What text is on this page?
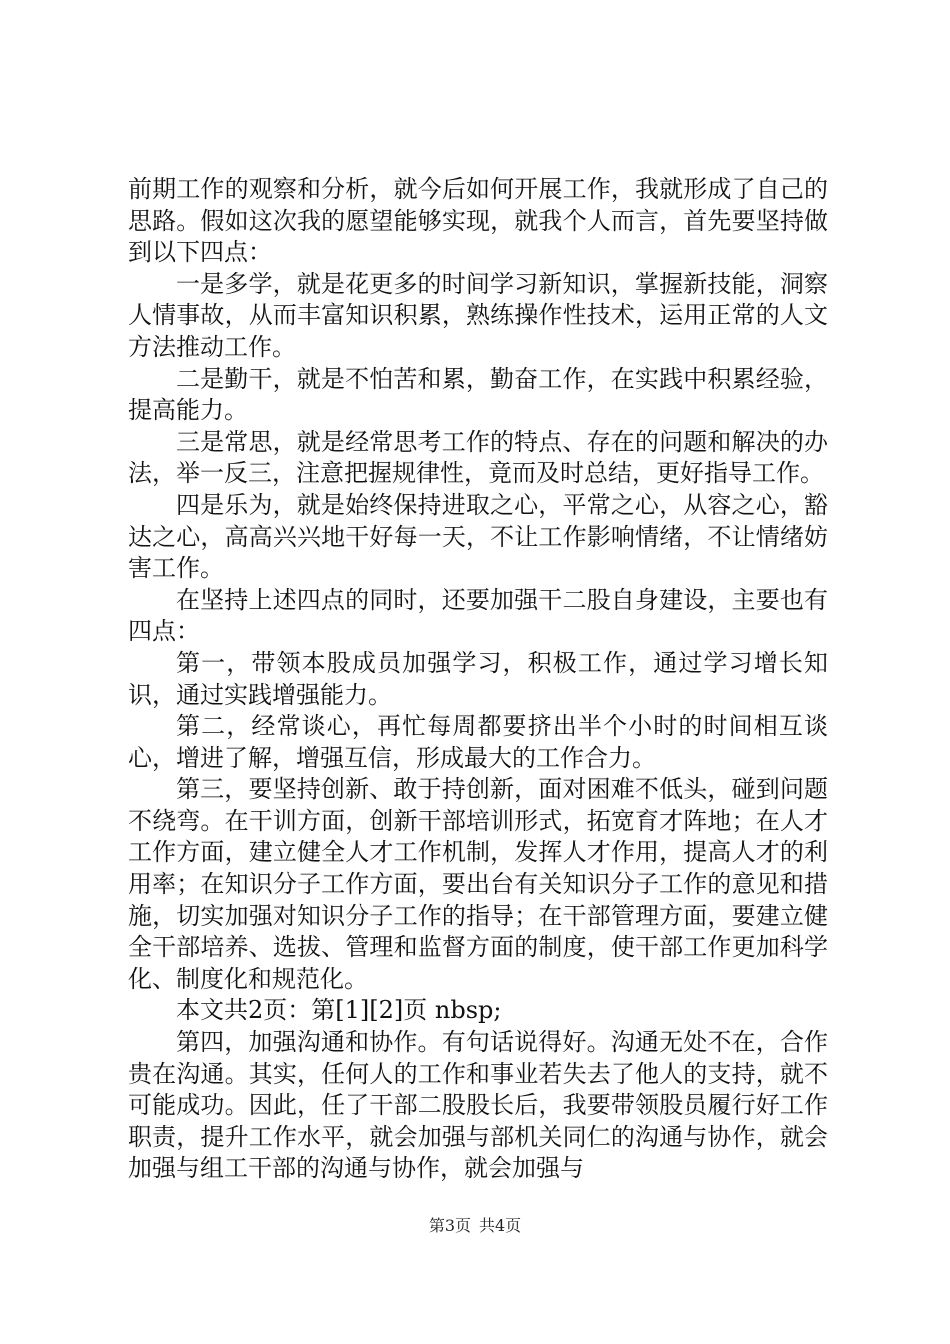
前期工作的观察和分析，就今后如何开展工作，我就形成了自己的思路。假如这次我的愿望能够实现，就我个人而言，首先要坚持做到以下四点：

一是多学，就是花更多的时间学习新知识，掌握新技能，洞察人情事故，从而丰富知识积累，熟练操作性技术，运用正常的人文方法推动工作。

二是勤干，就是不怕苦和累，勤奋工作，在实践中积累经验，提高能力。

三是常思，就是经常思考工作的特点、存在的问题和解决的办法，举一反三，注意把握规律性，竟而及时总结，更好指导工作。

四是乐为，就是始终保持进取之心，平常之心，从容之心，豁达之心，高高兴兴地干好每一天，不让工作影响情绪，不让情绪妨害工作。

在坚持上述四点的同时，还要加强干二股自身建设，主要也有四点：

第一，带领本股成员加强学习，积极工作，通过学习增长知识，通过实践增强能力。

第二，经常谈心，再忙每周都要挤出半个小时的时间相互谈心，增进了解，增强互信，形成最大的工作合力。

第三，要坚持创新、敢于持创新，面对困难不低头，碰到问题不绕弯。在干训方面，创新干部培训形式，拓宽育才阵地；在人才工作方面，建立健全人才工作机制，发挥人才作用，提高人才的利用率；在知识分子工作方面，要出台有关知识分子工作的意见和措施，切实加强对知识分子工作的指导；在干部管理方面，要建立健全干部培养、选拔、管理和监督方面的制度，使干部工作更加科学化、制度化和规范化。

本文共2页：第[1][2]页 nbsp;

第四，加强沟通和协作。有句话说得好。沟通无处不在，合作贵在沟通。其实，任何人的工作和事业若失去了他人的支持，就不可能成功。因此，任了干部二股股长后，我要带领股员履行好工作职责，提升工作水平，就会加强与部机关同仁的沟通与协作，就会加强与组工干部的沟通与协作，就会加强与

第3页 共4页
